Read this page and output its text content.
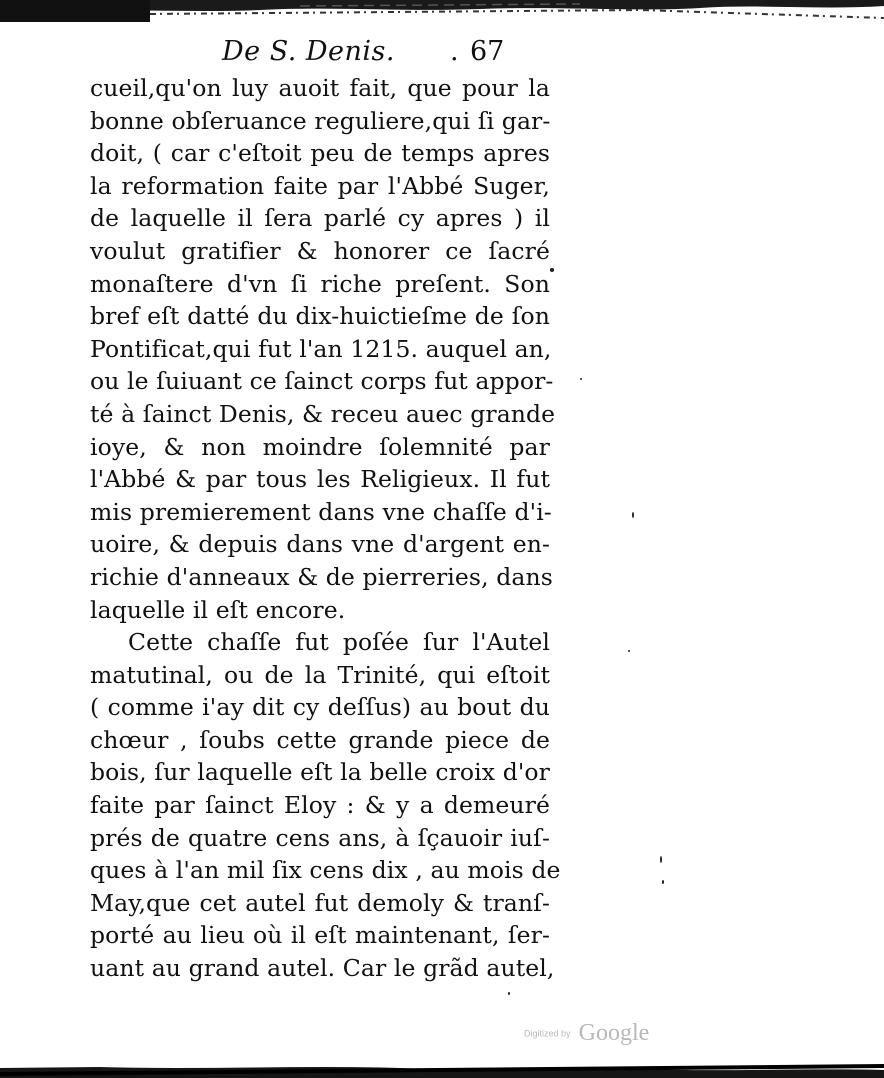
De S. Denis. . 67
cueil,qu'on luy auoit fait, que pour la
bonne obſeruance reguliere,qui ſi gar-
doit, ( car c'eſtoit peu de temps apres
la reformation faite par l'Abbé Suger,
de laquelle il ſera parlé cy apres ) il
voulut gratifier & honorer ce ſacré
monaſtere d'vn ſi riche preſent. Son
bref eſt datté du dix-huictieſme de ſon
Pontificat,qui fut l'an 1215. auquel an,
ou le ſuiuant ce ſainct corps fut appor-
té à ſainct Denis, & receu auec grande
ioye, & non moindre ſolemnité par
l'Abbé & par tous les Religieux. Il fut
mis premierement dans vne chaſſe d'i-
uoire, & depuis dans vne d'argent en-
richie d'anneaux & de pierreries, dans
laquelle il eſt encore.
Cette chaſſe fut poſée ſur l'Autel
matutinal, ou de la Trinité, qui eſtoit
( comme i'ay dit cy deſſus) au bout du
chœur , ſoubs cette grande piece de
bois, ſur laquelle eſt la belle croix d'or
faite par ſainct Eloy : & y a demeuré
prés de quatre cens ans, à ſçauoir iuſ-
ques à l'an mil ſix cens dix , au mois de
May,que cet autel fut demoly & tranſ-
porté au lieu où il eſt maintenant, ſer-
uant au grand autel. Car le grãd autel,
Digitized by Google
